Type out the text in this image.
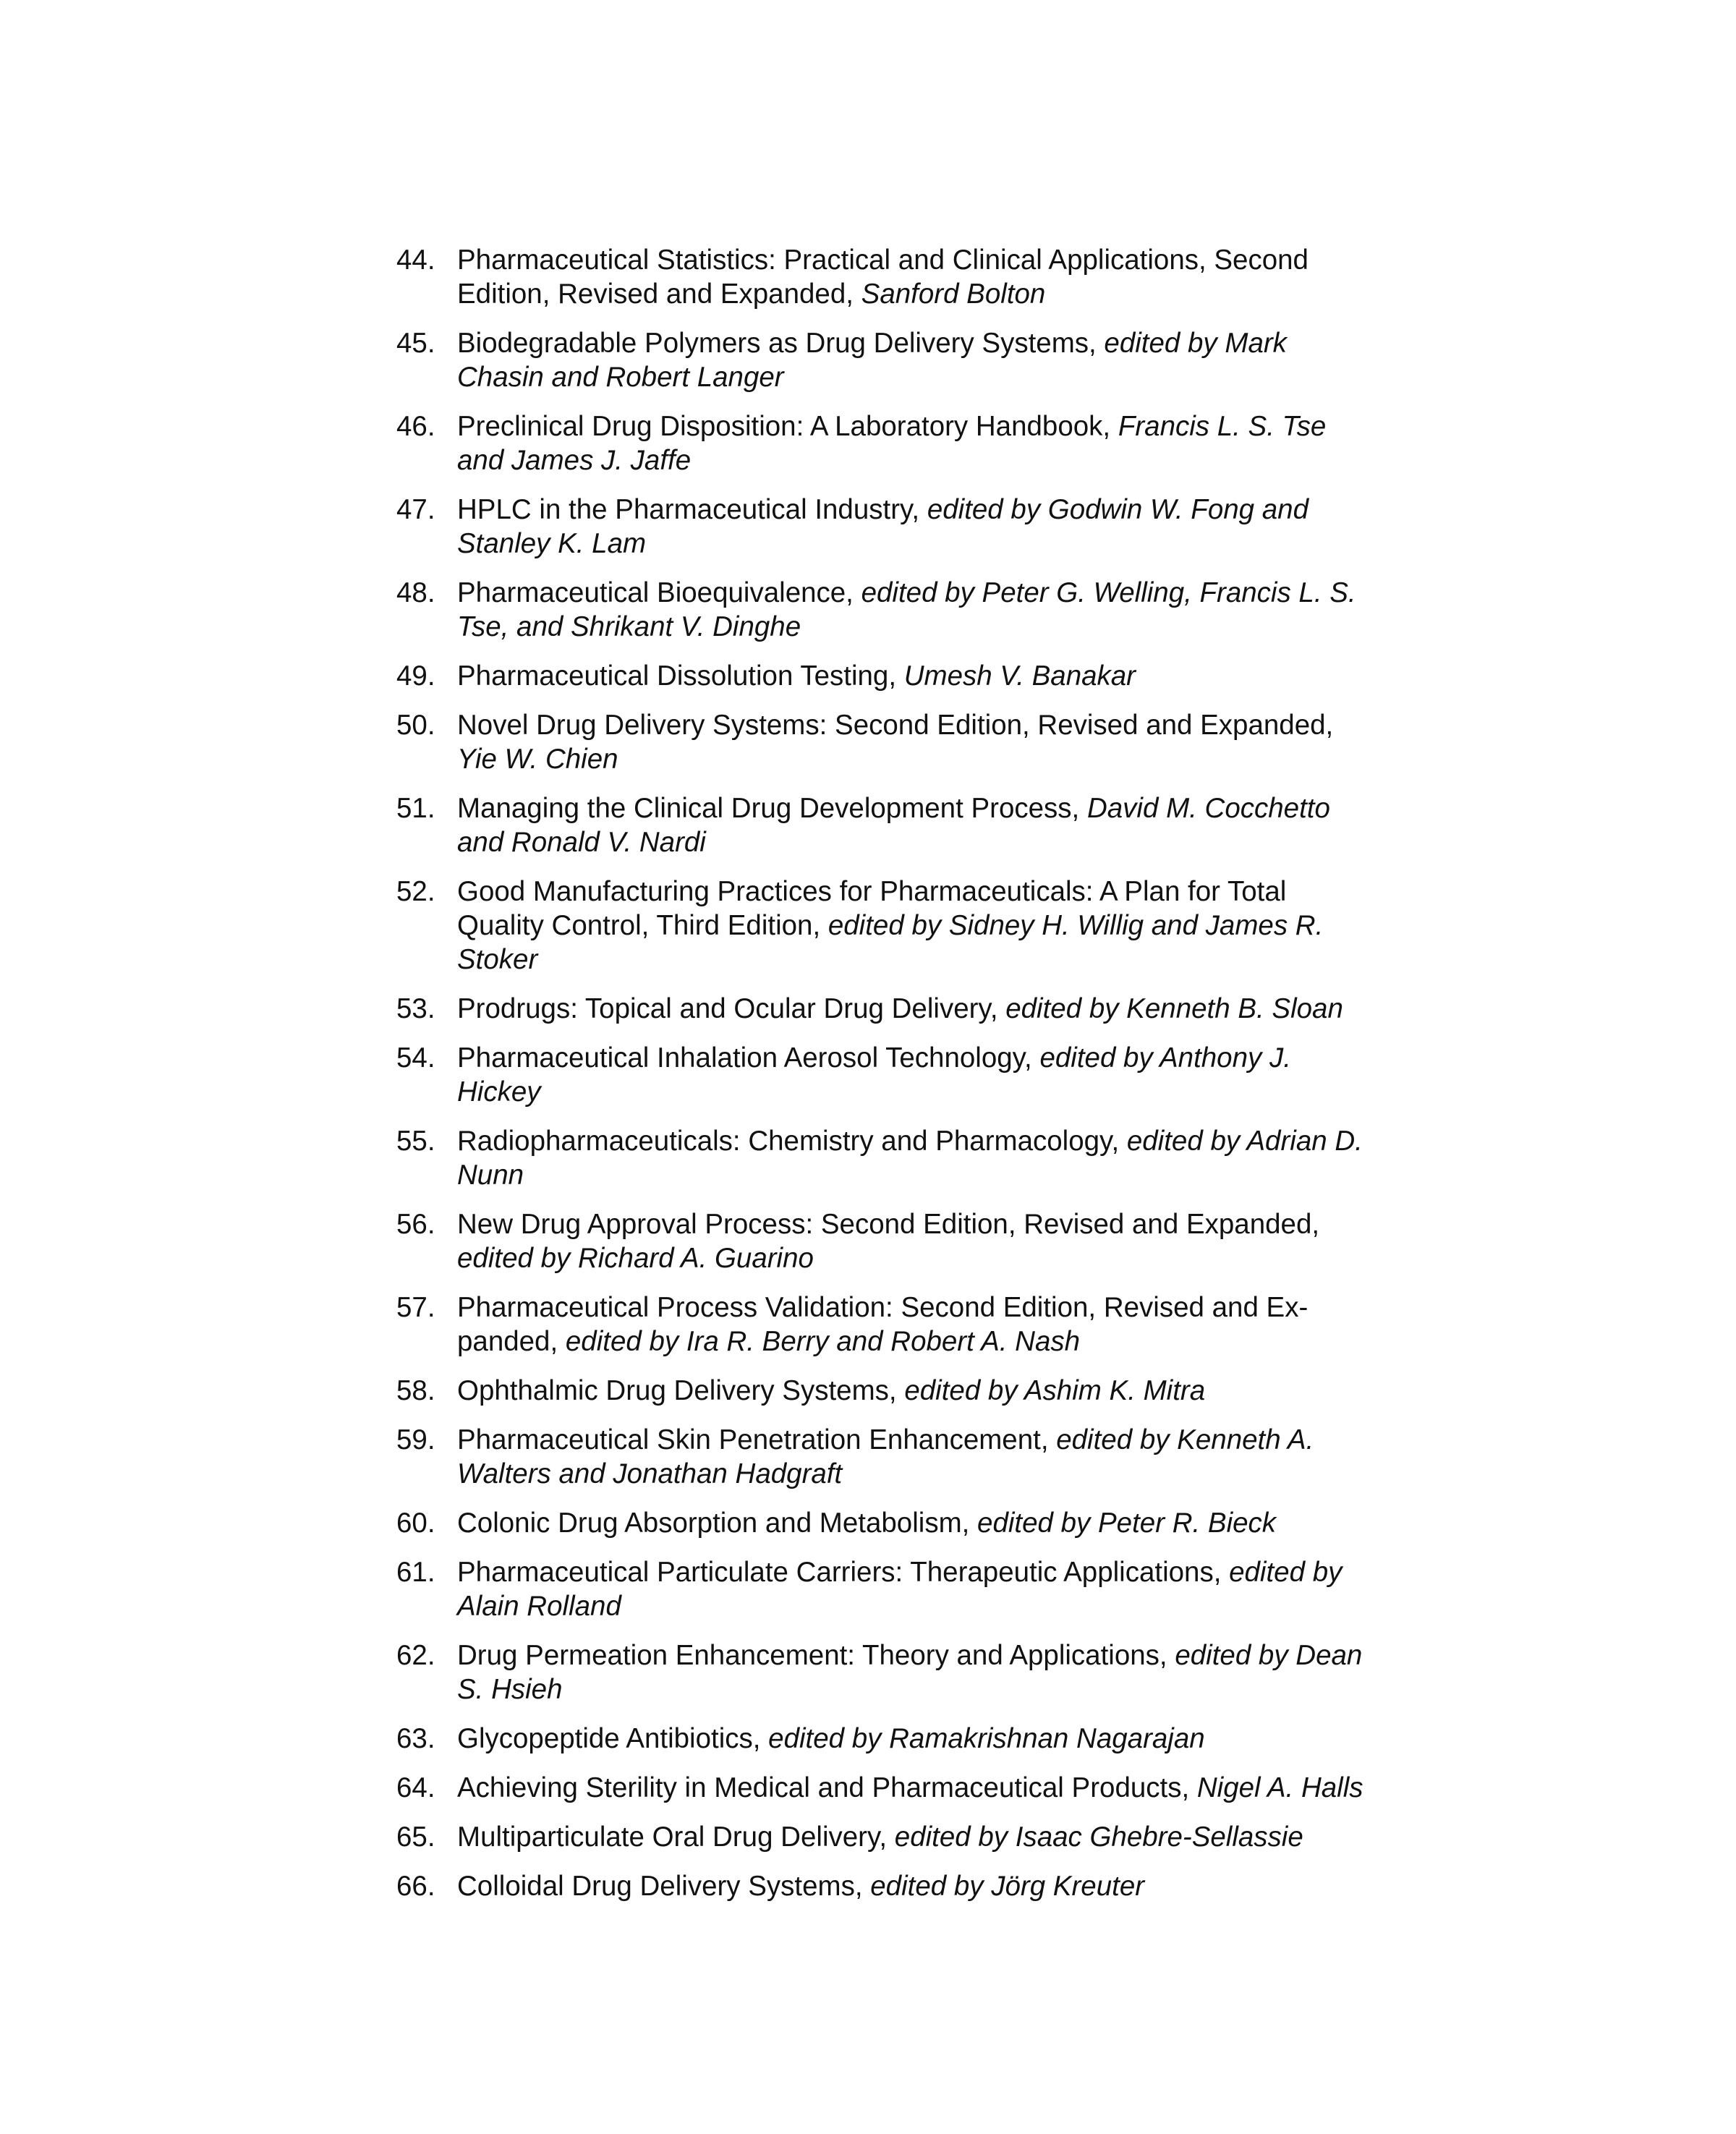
44. Pharmaceutical Statistics: Practical and Clinical Applications, Second Edition, Revised and Expanded, Sanford Bolton
45. Biodegradable Polymers as Drug Delivery Systems, edited by Mark Chasin and Robert Langer
46. Preclinical Drug Disposition: A Laboratory Handbook, Francis L. S. Tse and James J. Jaffe
47. HPLC in the Pharmaceutical Industry, edited by Godwin W. Fong and Stanley K. Lam
48. Pharmaceutical Bioequivalence, edited by Peter G. Welling, Francis L. S. Tse, and Shrikant V. Dinghe
49. Pharmaceutical Dissolution Testing, Umesh V. Banakar
50. Novel Drug Delivery Systems: Second Edition, Revised and Expanded, Yie W. Chien
51. Managing the Clinical Drug Development Process, David M. Cocchetto and Ronald V. Nardi
52. Good Manufacturing Practices for Pharmaceuticals: A Plan for Total Quality Control, Third Edition, edited by Sidney H. Willig and James R. Stoker
53. Prodrugs: Topical and Ocular Drug Delivery, edited by Kenneth B. Sloan
54. Pharmaceutical Inhalation Aerosol Technology, edited by Anthony J. Hickey
55. Radiopharmaceuticals: Chemistry and Pharmacology, edited by Adrian D. Nunn
56. New Drug Approval Process: Second Edition, Revised and Expanded, edited by Richard A. Guarino
57. Pharmaceutical Process Validation: Second Edition, Revised and Ex-panded, edited by Ira R. Berry and Robert A. Nash
58. Ophthalmic Drug Delivery Systems, edited by Ashim K. Mitra
59. Pharmaceutical Skin Penetration Enhancement, edited by Kenneth A. Walters and Jonathan Hadgraft
60. Colonic Drug Absorption and Metabolism, edited by Peter R. Bieck
61. Pharmaceutical Particulate Carriers: Therapeutic Applications, edited by Alain Rolland
62. Drug Permeation Enhancement: Theory and Applications, edited by Dean S. Hsieh
63. Glycopeptide Antibiotics, edited by Ramakrishnan Nagarajan
64. Achieving Sterility in Medical and Pharmaceutical Products, Nigel A. Halls
65. Multiparticulate Oral Drug Delivery, edited by Isaac Ghebre-Sellassie
66. Colloidal Drug Delivery Systems, edited by Jörg Kreuter
